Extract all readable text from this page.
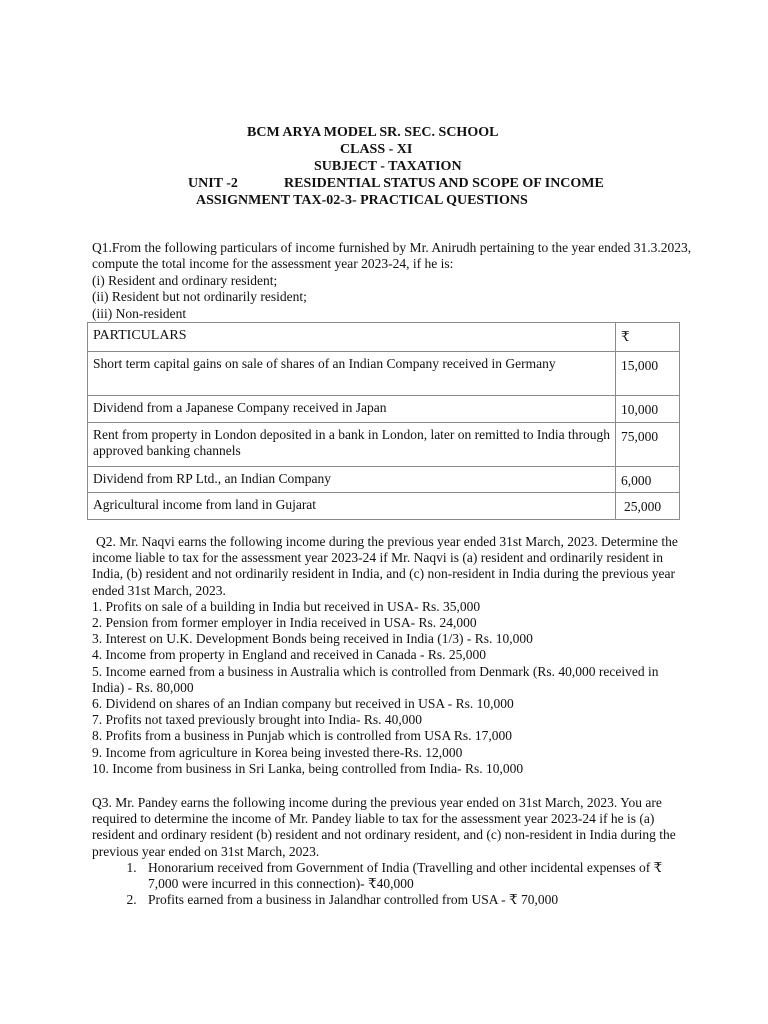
BCM ARYA MODEL SR. SEC. SCHOOL
CLASS - XI
SUBJECT - TAXATION
UNIT -2	RESIDENTIAL STATUS AND SCOPE OF INCOME
ASSIGNMENT TAX-02-3- PRACTICAL QUESTIONS

Q1.From the following particulars of income furnished by Mr. Anirudh pertaining to the year ended 31.3.2023, compute the total income for the assessment year 2023-24, if he is:

(i) Resident and ordinary resident;

(ii) Resident but not ordinarily resident;

(iii) Non-resident

PARTICULARS	₹
Short term capital gains on sale of shares of an Indian Company received in Germany	15,000
Dividend from a Japanese Company received in Japan	10,000
Rent from property in London deposited in a bank in London, later on remitted to India through approved banking channels	75,000
Dividend from RP Ltd., an Indian Company	6,000
Agricultural income from land in Gujarat	25,000

Q2. Mr. Naqvi earns the following income during the previous year ended 31st March, 2023. Determine the income liable to tax for the assessment year 2023-24 if Mr. Naqvi is (a) resident and ordinarily resident in India, (b) resident and not ordinarily resident in India, and (c) non-resident in India during the previous year ended 31st March, 2023.

1. Profits on sale of a building in India but received in USA- Rs. 35,000

2. Pension from former employer in India received in USA- Rs. 24,000

3. Interest on U.K. Development Bonds being received in India (1/3) - Rs. 10,000

4. Income from property in England and received in Canada - Rs. 25,000

5. Income earned from a business in Australia which is controlled from Denmark (Rs. 40,000 received in India) - Rs. 80,000

6. Dividend on shares of an Indian company but received in USA - Rs. 10,000

7. Profits not taxed previously brought into India- Rs. 40,000

8. Profits from a business in Punjab which is controlled from USA Rs. 17,000

9. Income from agriculture in Korea being invested there-Rs. 12,000

10. Income from business in Sri Lanka, being controlled from India- Rs. 10,000

Q3. Mr. Pandey earns the following income during the previous year ended on 31st March, 2023. You are required to determine the income of Mr. Pandey liable to tax for the assessment year 2023-24 if he is (a) resident and ordinary resident (b) resident and not ordinary resident, and (c) non-resident in India during the previous year ended on 31st March, 2023.

1. Honorarium received from Government of India (Travelling and other incidental expenses of ₹ 7,000 were incurred in this connection)- ₹40,000
2. Profits earned from a business in Jalandhar controlled from USA - ₹ 70,000
